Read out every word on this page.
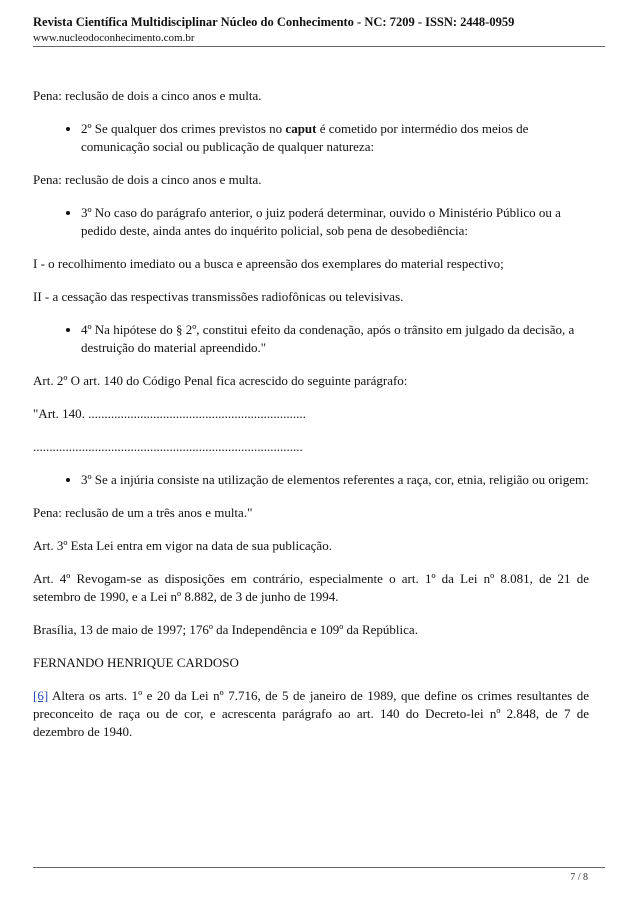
Revista Científica Multidisciplinar Núcleo do Conhecimento - NC: 7209 - ISSN: 2448-0959
www.nucleodoconhecimento.com.br

Pena: reclusão de dois a cinco anos e multa.

• 2º Se qualquer dos crimes previstos no caput é cometido por intermédio dos meios de comunicação social ou publicação de qualquer natureza:

Pena: reclusão de dois a cinco anos e multa.

• 3º No caso do parágrafo anterior, o juiz poderá determinar, ouvido o Ministério Público ou a pedido deste, ainda antes do inquérito policial, sob pena de desobediência:

I - o recolhimento imediato ou a busca e apreensão dos exemplares do material respectivo;

II - a cessação das respectivas transmissões radiofônicas ou televisivas.

• 4º Na hipótese do § 2º, constitui efeito da condenação, após o trânsito em julgado da decisão, a destruição do material apreendido."

Art. 2º O art. 140 do Código Penal fica acrescido do seguinte parágrafo:

"Art. 140. ...................................................................

...................................................................................

• 3º Se a injúria consiste na utilização de elementos referentes a raça, cor, etnia, religião ou origem:

Pena: reclusão de um a três anos e multa."

Art. 3º Esta Lei entra em vigor na data de sua publicação.

Art. 4º Revogam-se as disposições em contrário, especialmente o art. 1º da Lei nº 8.081, de 21 de setembro de 1990, e a Lei nº 8.882, de 3 de junho de 1994.

Brasília, 13 de maio de 1997; 176º da Independência e 109º da República.

FERNANDO HENRIQUE CARDOSO

[6] Altera os arts. 1º e 20 da Lei nº 7.716, de 5 de janeiro de 1989, que define os crimes resultantes de preconceito de raça ou de cor, e acrescenta parágrafo ao art. 140 do Decreto-lei nº 2.848, de 7 de dezembro de 1940.

7 / 8
